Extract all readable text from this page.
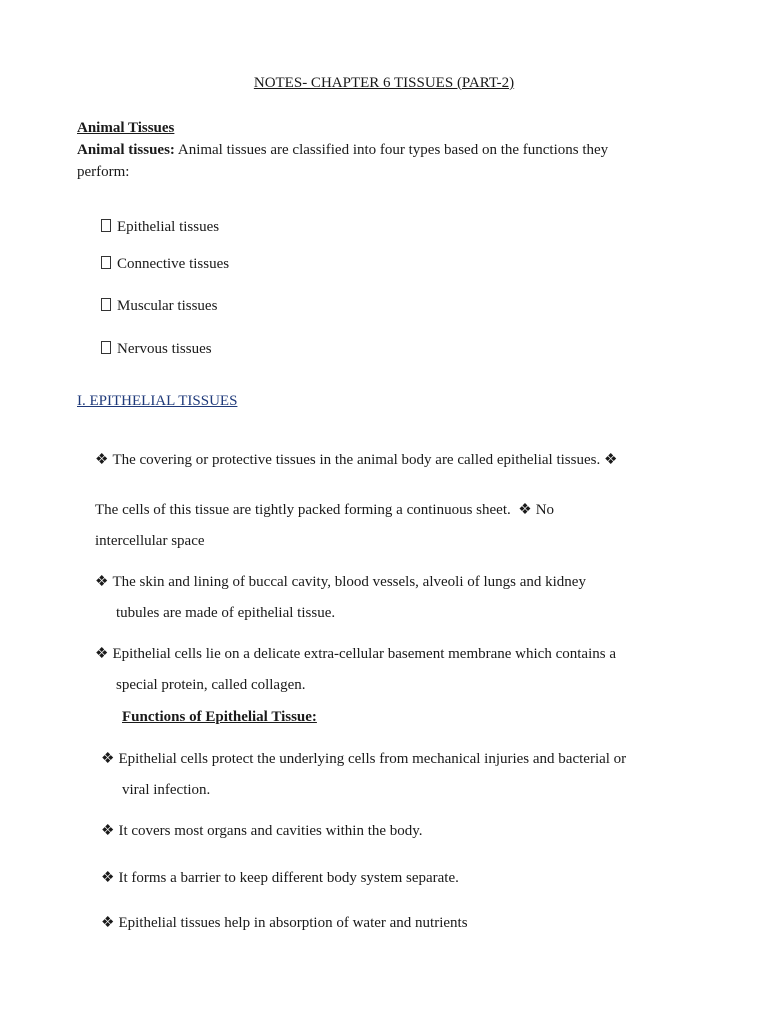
NOTES- CHAPTER 6 TISSUES (PART-2)
Animal Tissues
Animal tissues: Animal tissues are classified into four types based on the functions they
perform:
Epithelial tissues
Connective tissues
Muscular tissues
Nervous tissues
I. EPITHELIAL TISSUES
❖ The covering or protective tissues in the animal body are called epithelial tissues. ❖
The cells of this tissue are tightly packed forming a continuous sheet. ❖ No
intercellular space
❖ The skin and lining of buccal cavity, blood vessels, alveoli of lungs and kidney
tubules are made of epithelial tissue.
❖ Epithelial cells lie on a delicate extra-cellular basement membrane which contains a
special protein, called collagen.
Functions of Epithelial Tissue:
❖ Epithelial cells protect the underlying cells from mechanical injuries and bacterial or
viral infection.
❖ It covers most organs and cavities within the body.
❖ It forms a barrier to keep different body system separate.
❖ Epithelial tissues help in absorption of water and nutrients
